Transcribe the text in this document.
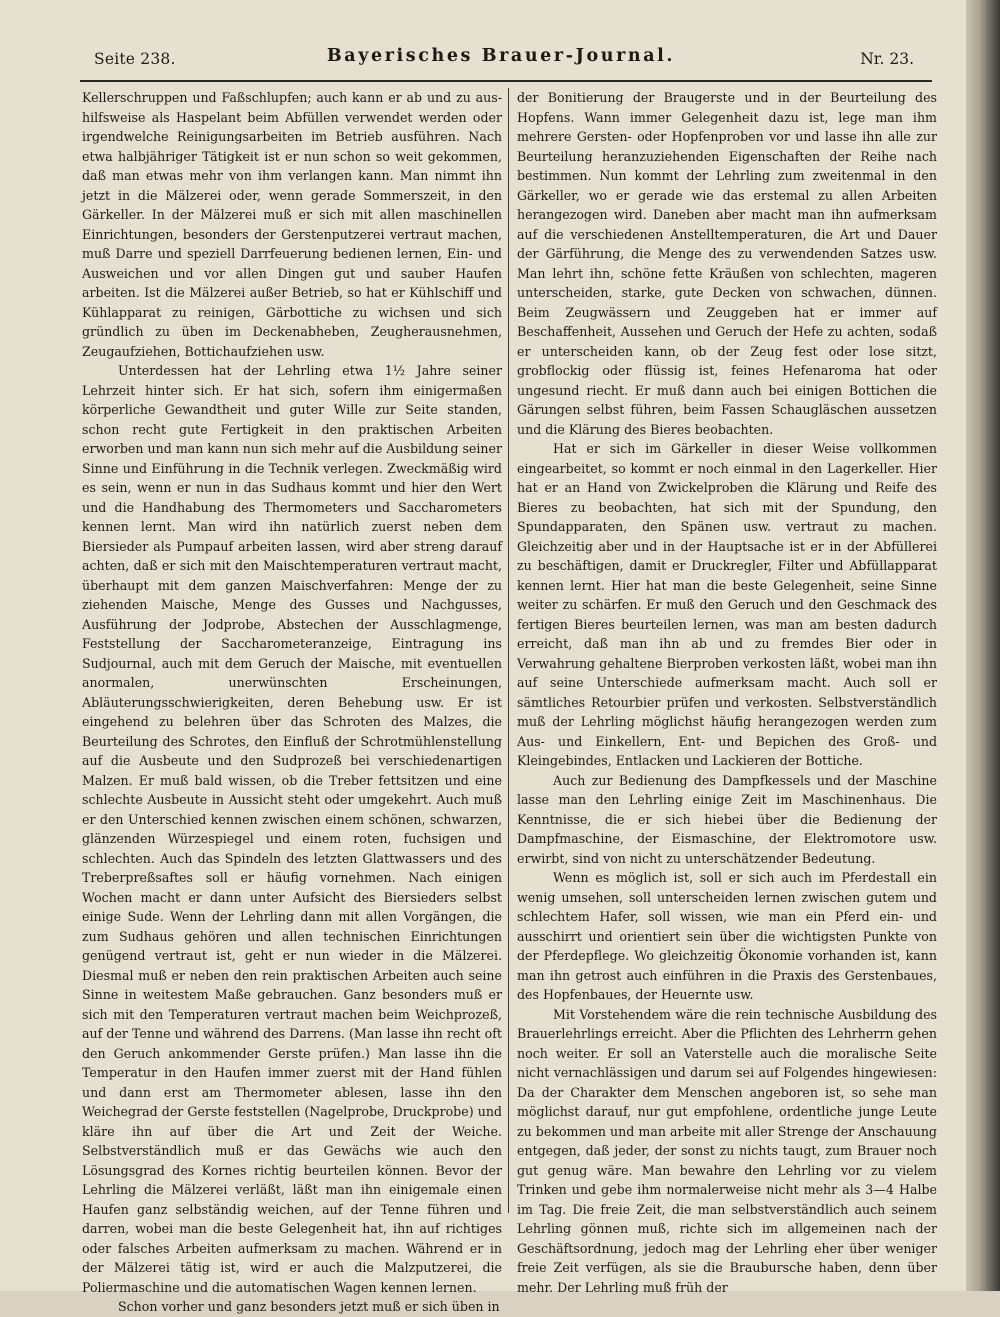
Seite 238.	Bayerisches Brauer-Journal.	Nr. 23.

Kellerschruppen und Faßschlupfen; auch kann er ab und zu aus-hilfsweise als Haspelant beim Abfüllen verwendet werden oder irgendwelche Reinigungsarbeiten im Betrieb ausführen. Nach etwa halbjähriger Tätigkeit ist er nun schon so weit gekommen, daß man etwas mehr von ihm verlangen kann. Man nimmt ihn jetzt in die Mälzerei oder, wenn gerade Sommerszeit, in den Gärkeller. In der Mälzerei muß er sich mit allen maschinellen Einrichtungen, besonders der Gerstenputzerei vertraut machen, muß Darre und speziell Darrfeuerung bedienen lernen, Ein- und Ausweichen und vor allen Dingen gut und sauber Haufen arbeiten. Ist die Mälzerei außer Betrieb, so hat er Kühlschiff und Kühlapparat zu reinigen, Gärbottiche zu wichsen und sich gründlich zu üben im Deckenabheben, Zeugherausnehmen, Zeugaufziehen, Bottichaufziehen usw.

Unterdessen hat der Lehrling etwa 1½ Jahre seiner Lehrzeit hinter sich. Er hat sich, sofern ihm einigermaßen körperliche Gewandtheit und guter Wille zur Seite standen, schon recht gute Fertigkeit in den praktischen Arbeiten erworben und man kann nun sich mehr auf die Ausbildung seiner Sinne und Einführung in die Technik verlegen. Zweckmäßig wird es sein, wenn er nun in das Sudhaus kommt und hier den Wert und die Handhabung des Thermometers und Saccharometers kennen lernt. Man wird ihn natürlich zuerst neben dem Biersieder als Pumpauf arbeiten lassen, wird aber streng darauf achten, daß er sich mit den Maischtemperaturen vertraut macht, überhaupt mit dem ganzen Maischverfahren: Menge der zu ziehenden Maische, Menge des Gusses und Nachgusses, Ausführung der Jodprobe, Abstechen der Ausschlagmenge, Feststellung der Saccharometeranzeige, Eintragung ins Sudjournal, auch mit dem Geruch der Maische, mit eventuellen anormalen, unerwünschten Erscheinungen, Abläuterungsschwierigkeiten, deren Behebung usw. Er ist eingehend zu belehren über das Schroten des Malzes, die Beurteilung des Schrotes, den Einfluß der Schrotmühlenstellung auf die Ausbeute und den Sudprozeß bei verschiedenartigen Malzen. Er muß bald wissen, ob die Treber fettsitzen und eine schlechte Ausbeute in Aussicht steht oder umgekehrt. Auch muß er den Unterschied kennen zwischen einem schönen, schwarzen, glänzenden Würzespiegel und einem roten, fuchsigen und schlechten. Auch das Spindeln des letzten Glattwassers und des Treberpreßsaftes soll er häufig vornehmen. Nach einigen Wochen macht er dann unter Aufsicht des Biersieders selbst einige Sude. Wenn der Lehrling dann mit allen Vorgängen, die zum Sudhaus gehören und allen technischen Einrichtungen genügend vertraut ist, geht er nun wieder in die Mälzerei. Diesmal muß er neben den rein praktischen Arbeiten auch seine Sinne in weitestem Maße gebrauchen. Ganz besonders muß er sich mit den Temperaturen vertraut machen beim Weichprozeß, auf der Tenne und während des Darrens. (Man lasse ihn recht oft den Geruch ankommender Gerste prüfen.) Man lasse ihn die Temperatur in den Haufen immer zuerst mit der Hand fühlen und dann erst am Thermometer ablesen, lasse ihn den Weichegrad der Gerste feststellen (Nagelprobe, Druckprobe) und kläre ihn auf über die Art und Zeit der Weiche. Selbstverständlich muß er das Gewächs wie auch den Lösungsgrad des Kornes richtig beurteilen können. Bevor der Lehrling die Mälzerei verläßt, läßt man ihn einigemale einen Haufen ganz selbständig weichen, auf der Tenne führen und darren, wobei man die beste Gelegenheit hat, ihn auf richtiges oder falsches Arbeiten aufmerksam zu machen. Während er in der Mälzerei tätig ist, wird er auch die Malzputzerei, die Poliermaschine und die automatischen Wagen kennen lernen.

Schon vorher und ganz besonders jetzt muß er sich üben in

der Bonitierung der Braugerste und in der Beurteilung des Hopfens. Wann immer Gelegenheit dazu ist, lege man ihm mehrere Gersten- oder Hopfenproben vor und lasse ihn alle zur Beurteilung heranzuziehenden Eigenschaften der Reihe nach bestimmen. Nun kommt der Lehrling zum zweitenmal in den Gärkeller, wo er gerade wie das erstemal zu allen Arbeiten herangezogen wird. Daneben aber macht man ihn aufmerksam auf die verschiedenen Anstelltemperaturen, die Art und Dauer der Gärführung, die Menge des zu verwendenden Satzes usw. Man lehrt ihn, schöne fette Kräußen von schlechten, mageren unterscheiden, starke, gute Decken von schwachen, dünnen. Beim Zeugwässern und Zeuggeben hat er immer auf Beschaffenheit, Aussehen und Geruch der Hefe zu achten, sodaß er unterscheiden kann, ob der Zeug fest oder lose sitzt, grobflockig oder flüssig ist, feines Hefenaroma hat oder ungesund riecht. Er muß dann auch bei einigen Bottichen die Gärungen selbst führen, beim Fassen Schaugläschen aussetzen und die Klärung des Bieres beobachten.

Hat er sich im Gärkeller in dieser Weise vollkommen eingearbeitet, so kommt er noch einmal in den Lagerkeller. Hier hat er an Hand von Zwickelproben die Klärung und Reife des Bieres zu beobachten, hat sich mit der Spundung, den Spundapparaten, den Spänen usw. vertraut zu machen. Gleichzeitig aber und in der Hauptsache ist er in der Abfüllerei zu beschäftigen, damit er Druckregler, Filter und Abfüllapparat kennen lernt. Hier hat man die beste Gelegenheit, seine Sinne weiter zu schärfen. Er muß den Geruch und den Geschmack des fertigen Bieres beurteilen lernen, was man am besten dadurch erreicht, daß man ihn ab und zu fremdes Bier oder in Verwahrung gehaltene Bierproben verkosten läßt, wobei man ihn auf seine Unterschiede aufmerksam macht. Auch soll er sämtliches Retourbier prüfen und verkosten. Selbstverständlich muß der Lehrling möglichst häufig herangezogen werden zum Aus- und Einkellern, Ent- und Bepichen des Groß- und Kleingebindes, Entlacken und Lackieren der Bottiche.

Auch zur Bedienung des Dampfkessels und der Maschine lasse man den Lehrling einige Zeit im Maschinenhaus. Die Kenntnisse, die er sich hiebei über die Bedienung der Dampfmaschine, der Eismaschine, der Elektromotore usw. erwirbt, sind von nicht zu unterschätzender Bedeutung.

Wenn es möglich ist, soll er sich auch im Pferdestall ein wenig umsehen, soll unterscheiden lernen zwischen gutem und schlechtem Hafer, soll wissen, wie man ein Pferd ein- und ausschirrt und orientiert sein über die wichtigsten Punkte von der Pferdepflege. Wo gleichzeitig Ökonomie vorhanden ist, kann man ihn getrost auch einführen in die Praxis des Gerstenbaues, des Hopfenbaues, der Heuernte usw.

Mit Vorstehendem wäre die rein technische Ausbildung des Brauerlehrlings erreicht. Aber die Pflichten des Lehrherrn gehen noch weiter. Er soll an Vaterstelle auch die moralische Seite nicht vernachlässigen und darum sei auf Folgendes hingewiesen: Da der Charakter dem Menschen angeboren ist, so sehe man möglichst darauf, nur gut empfohlene, ordentliche junge Leute zu bekommen und man arbeite mit aller Strenge der Anschauung entgegen, daß jeder, der sonst zu nichts taugt, zum Brauer noch gut genug wäre. Man bewahre den Lehrling vor zu vielem Trinken und gebe ihm normalerweise nicht mehr als 3—4 Halbe im Tag. Die freie Zeit, die man selbstverständlich auch seinem Lehrling gönnen muß, richte sich im allgemeinen nach der Geschäftsordnung, jedoch mag der Lehrling eher über weniger freie Zeit verfügen, als sie die Braubursche haben, denn über mehr. Der Lehrling muß früh der
